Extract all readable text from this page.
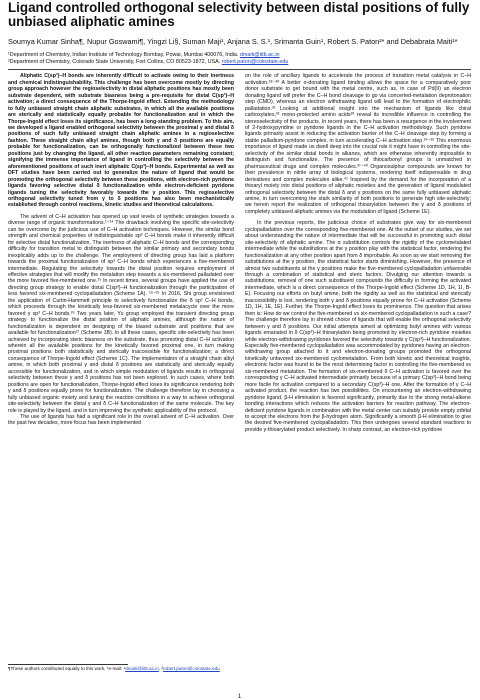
Ligand controlled orthogonal selectivity between distal positions of fully unbiased aliphatic amines
Soumya Kumar Sinha¶, Nupur Goswami¶, Yingzi Li§, Suman Maji¹, Anjana S. S.¹, Srimanta Guin¹, Robert S. Paton²* and Debabrata Maiti¹*
¹Department of Chemistry, Indian Institute of Technology Bombay, Powai, Mumbai 400076, India. dmaiti@iitb.ac.in
²Department of Chemistry, Colorado State University, Fort Collins, CO 80523-1872, USA. robert.paton@colostate.edu

Aliphatic C(sp³)–H bonds are inherently difficult to activate owing to their inertness and chemical indistinguishability. This challenge has been overcome mostly by directing group approach however the regioselectivity in distal aliphatic positions has mostly been substrate dependent, with substrate biasness being a pre-requisite for distal C(sp³)–H activation; a direct consequence of the Thorpe-Ingold effect. Extending the methodology to fully unbiased straight chain aliphatic substrates, in which all the available positions are sterically and statistically equally probable for functionalization and in which the Thorpe-Ingold effect loses its significance, has been a long-standing problem. To this aim, we developed a ligand enabled orthogonal selectivity between the proximal γ and distal δ positions of such fully unbiased straight chain aliphatic amines in a regioselective fashion. These straight chain alkyl amines, though both γ and δ positions are equally probable for functionalization, can be orthogonally functionalized between these two positions just by changing the ligand, all other reaction parameters remaining constant; signifying the immense importance of ligand in controlling the selectivity between the aforementioned positions of such inert aliphatic C(sp³)–H bonds. Experimental as well as DFT studies have been carried out to generalize the nature of ligand that would be promoting the orthogonal selectivity between these positions, with electron-rich pyridone ligands favoring selective distal δ functionalization while electron-deficient pyridone ligands tuning the selectivity favorably towards the γ position. This regioselective orthogonal selectivity tuned from γ to δ positions has also been mechanistically established through control reactions, kinetic studies and theoretical calculations.

The advent of C–H activation has opened up vast levels of synthetic strategies towards a diverse range of organic transformations.¹⁻¹⁴ The drawback involving the specific site-selectivity can be overcome by the judicious use of C–H activation techniques. However, the similar bond strength and chemical properties of indistinguishable sp³ C–H bonds make it inherently difficult for selective distal functionalization. The inertness of aliphatic C–H bonds and the corresponding difficulty for transition metal to distinguish between the similar primary and secondary bonds inexplicably adds up to the challenge. The employment of directing group has laid a platform towards the proximal functionalization of sp³ C–H bonds which experiences a five-membered intermediate. Regulating the selectivity towards the distal position requires employment of effective strategies that will modify the metalation step towards a six-membered palladated over the more favored five-membered one.¹⁵ In recent times, several groups have applied the use of directing group strategy to enable distal C(sp³)–H functionalization through the participation of less favored six-membered cyclopalladation (Scheme 1A). ¹⁶⁻²⁵ In 2016, Shi group envisioned the application of Curtin-Hammett principle to selectively functionalize the δ sp³ C–H bonds, which proceeds through the kinetically less-favored six-membered metalacycle over the more favored γ sp³ C–H bonds.²⁶ Two years later, Yu group employed the transient directing group strategy to functionalize the distal position of aliphatic amines, although the nature of functionalization is dependent on designing of the biased substrate and positions that are available for functionalization²⁷ (Scheme 1B). In all these cases, specific site-selectivity has been achieved by incorporating steric biasness on the substrate, thus promoting distal C–H activation wherein all the available positions for the kinetically favored proximal one, in turn making proximal positions both statistically and sterically inaccessible for functionalization; a direct consequence of Thorpe-Ingold effect (Scheme 1C). The implementation of a straight chain alkyl amine, in which both proximal γ and distal δ positions are statistically and sterically equally accessible for functionalization, and in which simple modulation of ligands results in orthogonal selectivity between these γ and δ positions has not been explored. In such cases, where both positions are open for functionalization, Thorpe-Ingold effect loses its significance rendering both γ and δ positions equally prone for functionalization. The challenge therefore lay in choosing a fully unbiased organic moiety and tuning the reaction conditions in a way to achieve orthogonal site-selectivity between the distal γ and δ C–H functionalization of the same molecule. The key role is played by the ligand, and in turn improving the synthetic applicability of the protocol.

The use of ligands has had a significant role in the overall advent of C–H activation. Over the past few decades, more focus has been implemented

on the role of ancillary ligands to accelerate the process of transition metal catalysis in C–H activation.²⁸⁻³⁰ A better σ-donating ligand binding allows the space for a comparatively poor donor substrate to get bound with the metal centre, such as, in case of Pd(II) an electron donating ligand will prefer the C–H bond cleavage to go via concerted-metalation deprotonation step (CMD), whereas an electron withdrawing ligand will lead to the formation of electrophilic palladation.³¹ Looking at additional insight into the mechanism of ligands like chiral carboxylates,³² mono-protected amino acids³³ reveal its incredible influence in controlling the stereoselectivity of the products. In recent years, there has been a resurgence in the involvement of 2-hydroxypyridine or pyridone ligands in the C–H activation methodology. Such pyridone ligands primarily assist in reducing the activation barrier of the C–H cleavage step by forming a stable palladium-pyridone complex, in turn accelerating C–H activation step.³⁴⁻³⁶ This enormous importance of ligand made us dwell deep into the crucial role it might have in controlling the site-selectivity of the similar distal bonds in alkanes, which are otherwise inherently impossible to distinguish and functionalize. The presence of thiocarbonyl groups is unmatched in pharmaceutical drugs and complex molecules.³⁷⁻⁴⁰ Organosulphur compounds are known for their prevalence in nitrile array of biological systems, rendering itself indispensable in drug derivatives and complex molecules alike.⁴¹ Inspired by the demand for the incorporation of a thioaryl moiety into distal positions of aliphatic moieties and the generation of ligand modulated orthogonal selectivity between the distal δ and γ positions on the same fully unbiased aliphatic amine, in turn overcoming the stark similarity of both positions to generate high site-selectivity; we herein report the realization of orthogonal thioarylation between the γ and δ positions of completely unbiased aliphatic amines via the modulation of ligand (Scheme 1E).

In the previous reports, the judicious choice of substrates give way for six-membered cyclopalladation over the corresponding five-membered one. At the outset of our studies, we set about understanding the nature of intermediate that will be successful in promoting such distal site-selectivity of aliphatic amine. The α substitution controls the rigidity of the cyclometalated intermediate while the substitutions at the γ position play with the statistical factor, rendering the functionalization at any other position apart from δ improbable. As soon as we start removing the substitutions at the γ position, the statistical factor starts diminishing. However, the presence of almost two substituents at the γ positions make the five-membered cyclopalladation unfavorable through a combination of statistical and steric factors. Divulging our attention towards a substitutions, removal of one such substituent compounds the difficulty in forming the activated intermediate, which is a direct consequence of the Thorpe-Ingold effect (Scheme 1D, 1H, 1I, B-E). Focusing our efforts on butyl amine, both the rigidity as well as the statistical and sterically inaccessibility is lost, rendering both γ and δ positions equally prone for C–H activation (Scheme 1D, 1H, 1E, 1E). Further, the Thorpe-Ingold effect loses its prominence. The question that arises then is: How do we control the five-membered vs six-membered cyclopalladation in such a case? The challenge therefore lay in shrewd choice of ligands that will enable the orthogonal selectivity between γ and δ positions. Our initial attempts aimed at optimizing butyl amines with various ligands emanated in δ C(sp³)–H thioarylation being promoted by electron-rich pyridone moieties while electron-withdrawing pyridones favored the selectivity towards γ C(sp³)–H functionalization. Especially five-membered cyclopalladation was accommodated by pyridones having an electron-withdrawing group attached to it and electron-donating groups promoted the orthogonal kinetically unfavored six-membered cyclometalation. From both kinetic and theoretical insights, electronic factor was found to be the most determining factor in controlling the five-membered vs six-membered metalation. The formation of six-membered δ C–H activation is favored over the corresponding γ C–H activated intermediate primarily because of a primary C(sp³)–H bond being more facile for activation compared to a secondary C(sp³)–H one. After the formation of γ C–H activated product, the reaction has two possibilities. On encountering an electron-withdrawing pyridone ligand, β-H elimination is favored significantly, primarily due to the strong metal-alkene bonding interactions which reduces the activation barriers for reaction pathway. The electron-deficient pyridone ligands in combination with the metal center can suitably provide empty orbital to accept the electrons from the β-hydrogen atom. Significantly a smooth β-H elimination to give the desired five-membered cyclopalladation. This then undergoes several standard reactions to provide γ-thioarylated product selectively. In sharp contrast, an electron-rich pyridone

¶These authors contributed equally to this work. *e-mail: ¹dmaiti@iitb.ac.in, ²robert.paton@colostate.edu
1
